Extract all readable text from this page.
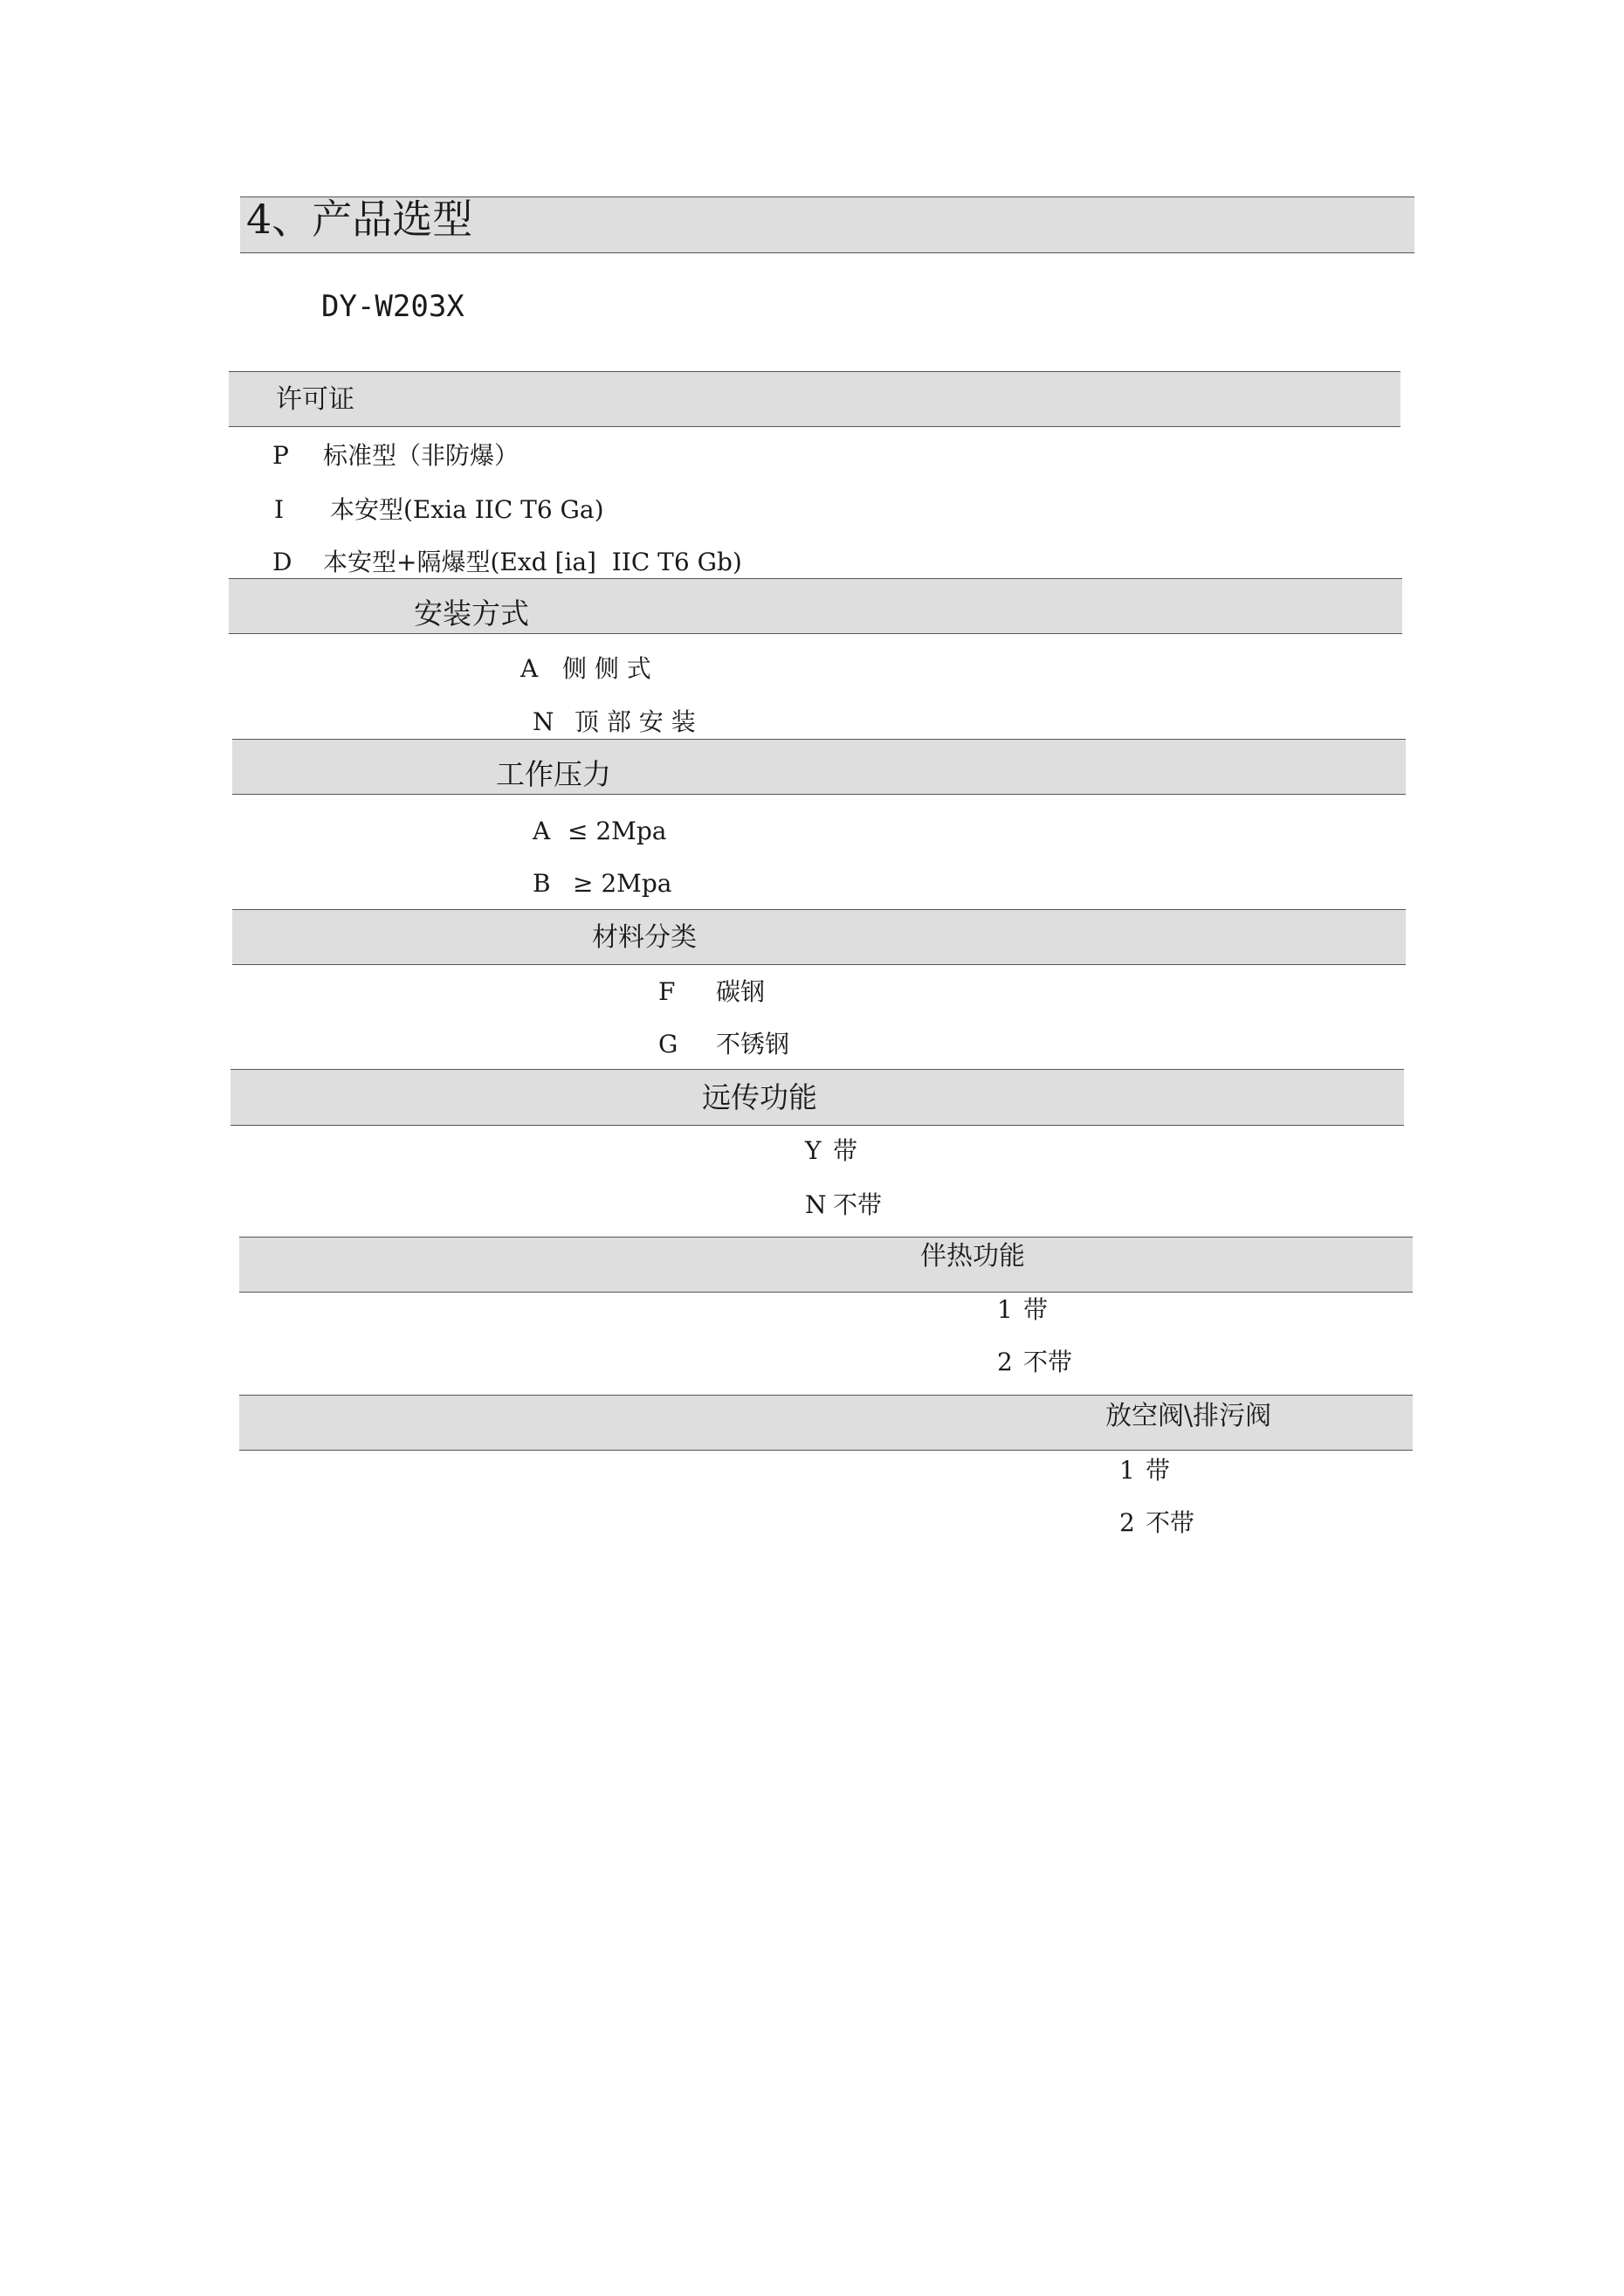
4、产品选型
DY-W203X
许可证
P 标准型（非防爆）
I 本安型(Exia IIC T6 Ga)
D 本安型+隔爆型(Exd [ia]  IIC T6 Gb)
安装方式
A 侧 侧 式
N 顶 部 安 装
工作压力
A ≤ 2Mpa
B ≥ 2Mpa
材料分类
F 碳钢
G 不锈钢
远传功能
Y 带
N 不带
伴热功能
1 带
2 不带
放空阀\排污阀
1 带
2 不带
